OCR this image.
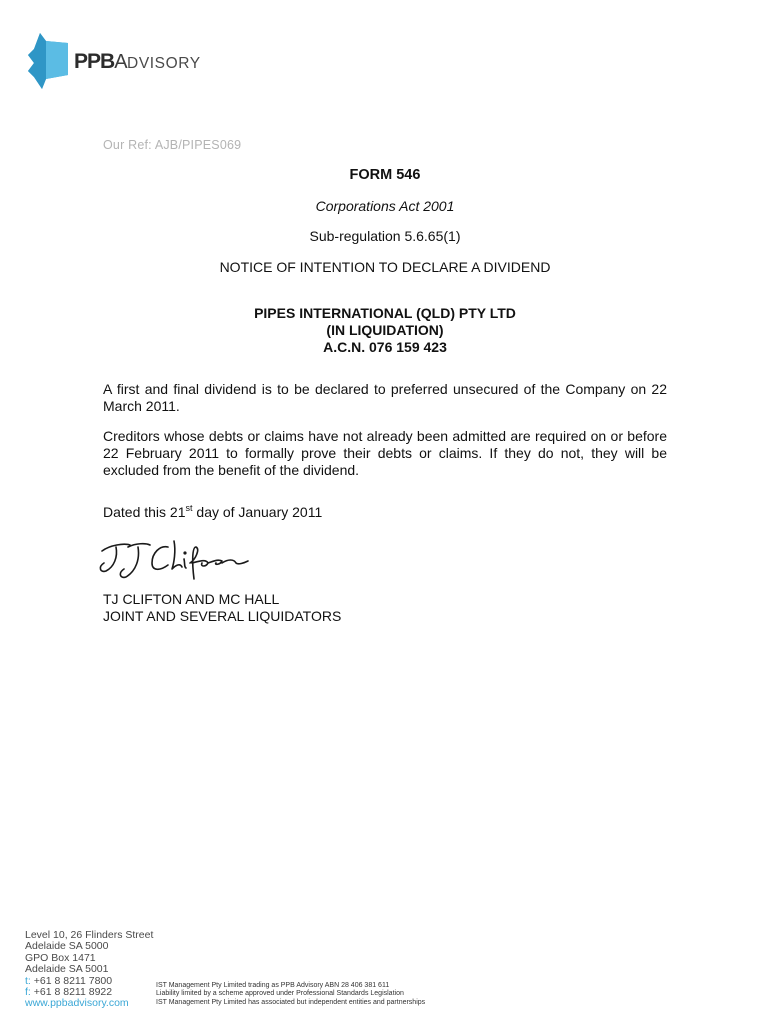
PPBADVISORY
Our Ref: AJB/PIPES069
FORM 546
Corporations Act 2001
Sub-regulation 5.6.65(1)
NOTICE OF INTENTION TO DECLARE A DIVIDEND
PIPES INTERNATIONAL (QLD) PTY LTD
(IN LIQUIDATION)
A.C.N. 076 159 423
A first and final dividend is to be declared to preferred unsecured of the Company on 22 March 2011.
Creditors whose debts or claims have not already been admitted are required on or before 22 February 2011 to formally prove their debts or claims. If they do not, they will be excluded from the benefit of the dividend.
Dated this 21st day of January 2011
TJ CLIFTON AND MC HALL
JOINT AND SEVERAL LIQUIDATORS
Level 10, 26 Flinders Street
Adelaide SA 5000
GPO Box 1471
Adelaide SA 5001
t: +61 8 8211 7800
f: +61 8 8211 8922
www.ppbadvisory.com
IST Management Pty Limited trading as PPB Advisory ABN 28 406 381 611
Liability limited by a scheme approved under Professional Standards Legislation
IST Management Pty Limited has associated but independent entities and partnerships
